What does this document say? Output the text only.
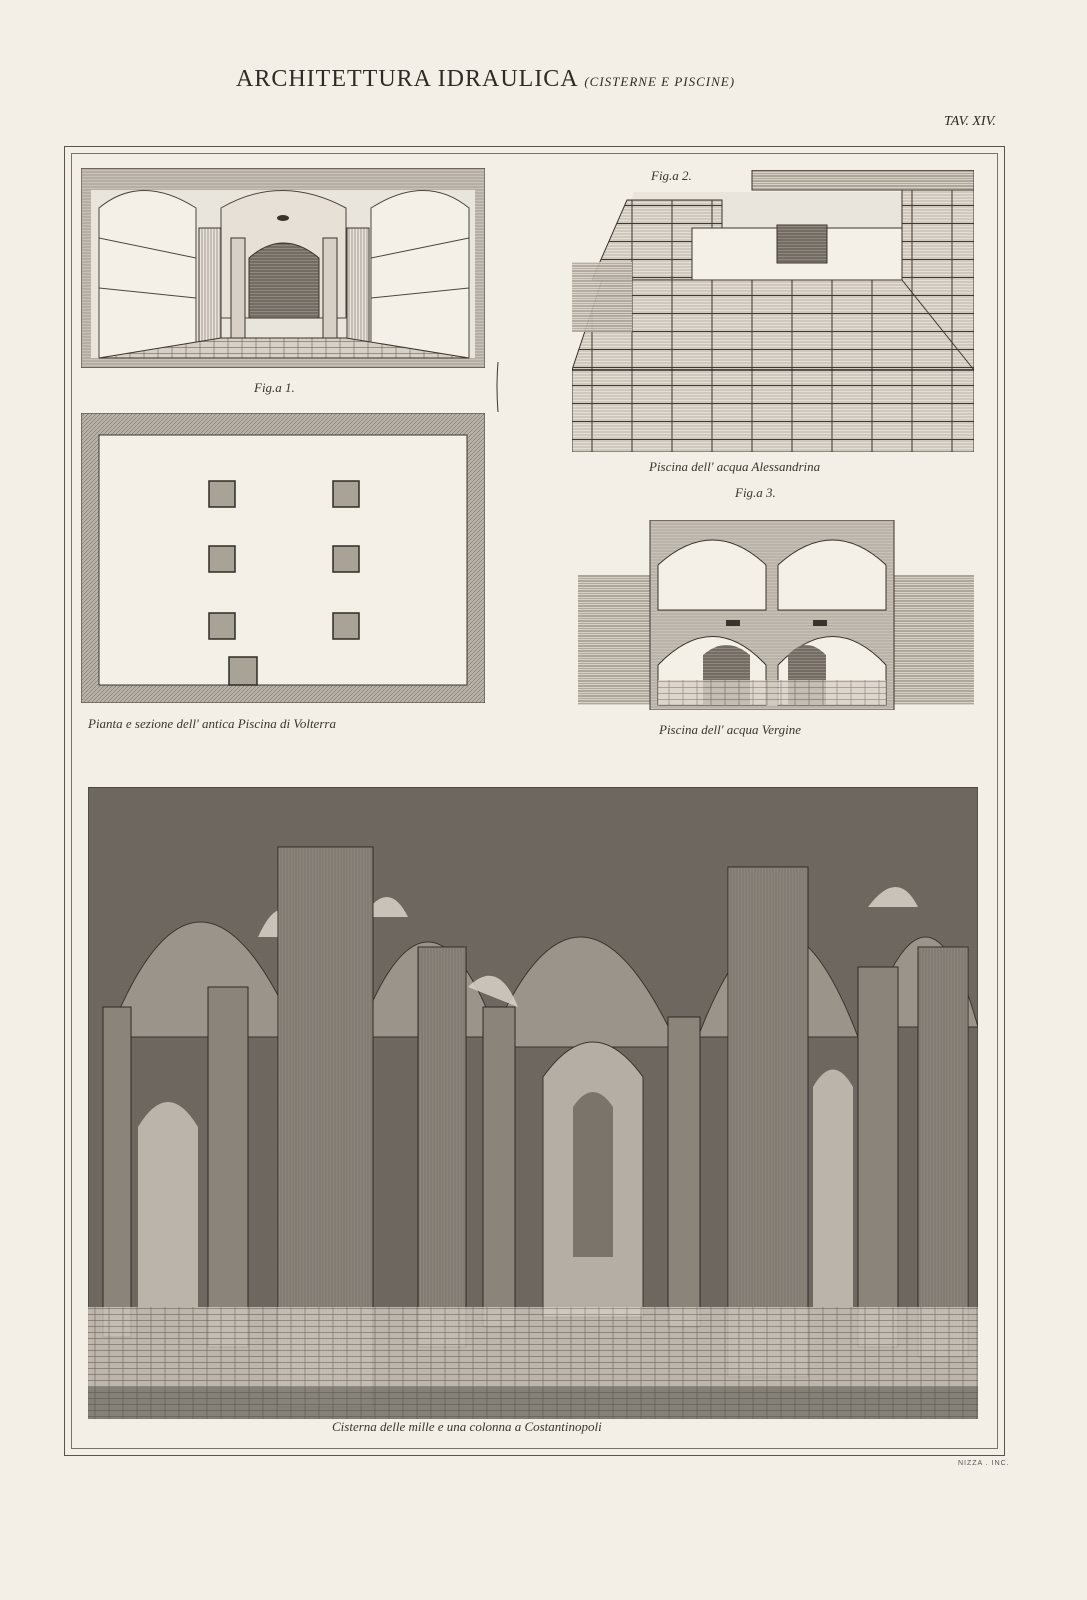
ARCHITETTURA IDRAULICA (CISTERNE E PISCINE)
TAV. XIV.
Fig.a 1.
Pianta e sezione dell' antica Piscina di Volterra
Fig.a 2.
Piscina dell' acqua Alessandrina
Fig.a 3.
Piscina dell' acqua Vergine
Cisterna delle mille e una colonna a Costantinopoli
NIZZA . INC.
